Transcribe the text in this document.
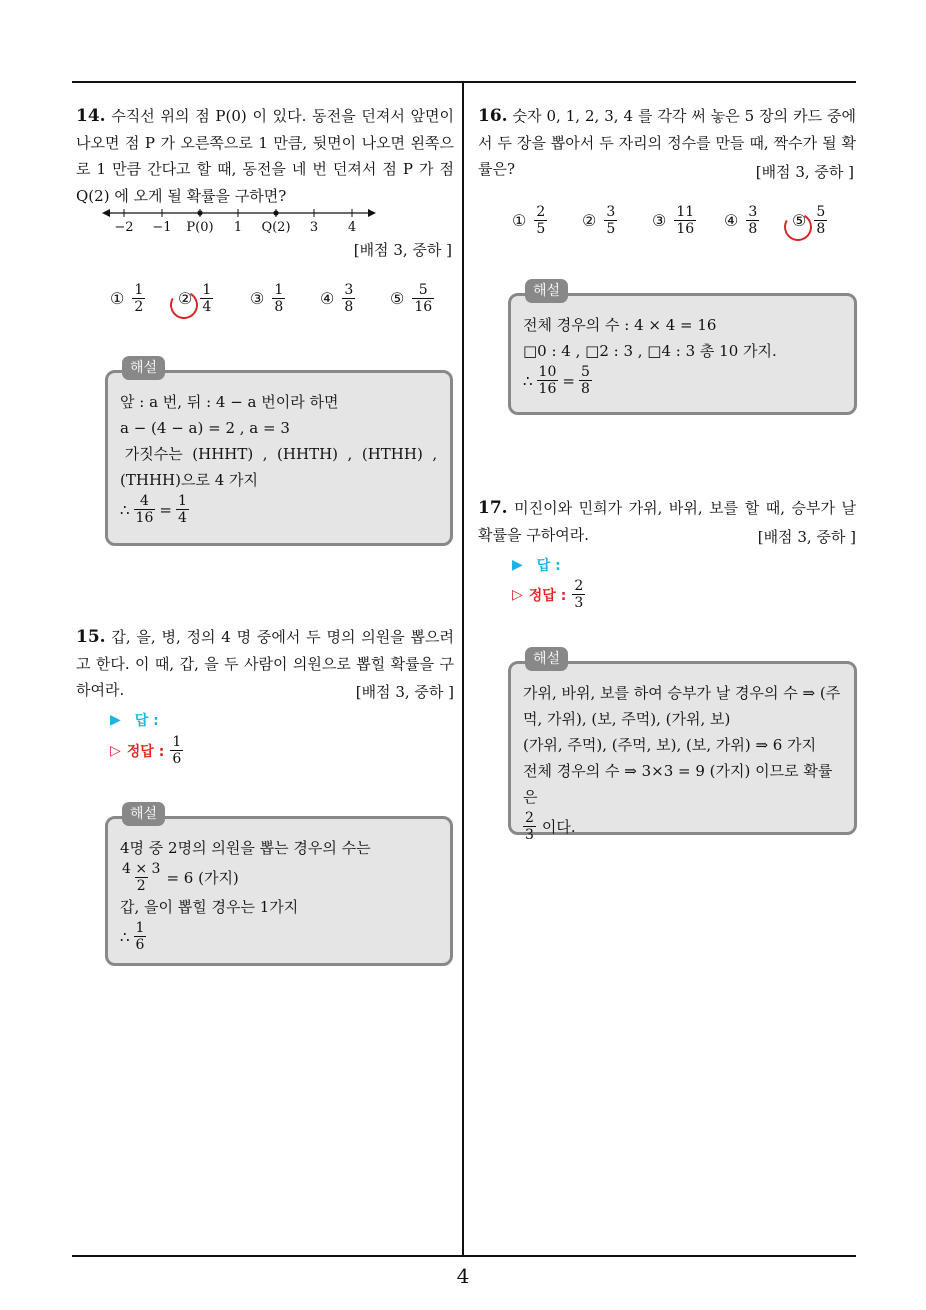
14. 수직선 위의 점 P(0) 이 있다. 동전을 던져서 앞면이 나오면 점 P 가 오른쪽으로 1 만큼, 뒷면이 나오면 왼쪽으로 1 만큼 간다고 할 때, 동전을 네 번 던져서 점 P 가 점 Q(2) 에 오게 될 확률을 구하면?
−2	−1	P(0)	1	Q(2)	3	4
[배점 3, 중하 ]
① $\frac{1}{2}$ ② $\frac{1}{4}$ ③ $\frac{1}{8}$ ④ $\frac{3}{8}$ ⑤ $\frac{5}{16}$
해설
앞 : a 번, 뒤 : 4 − a 번이라 하면
a − (4 − a) = 2 , a = 3
가짓수는  (HHHT)  ,  (HHTH)  ,  (HTHH)  ,
(THHH)으로 4 가지
∴ $\frac{4}{16} = \frac{1}{4}$
15. 갑, 을, 병, 정의 4 명 중에서 두 명의 의원을 뽑으려고 한다. 이 때, 갑, 을 두 사람이 의원으로 뽑힐 확률을 구하여라.	[배점 3, 중하 ]
▶ 답 :
▷ 정답 : $\frac{1}{6}$
해설
4명 중 2명의 의원을 뽑는 경우의 수는
$\frac{4 \times 3}{2} = 6$ (가지)
갑, 을이 뽑힐 경우는 1가지
∴ $\frac{1}{6}$
16. 숫자 0, 1, 2, 3, 4 를 각각 써 놓은 5 장의 카드 중에서 두 장을 뽑아서 두 자리의 정수를 만들 때, 짝수가 될 확률은?	[배점 3, 중하 ]
① $\frac{2}{5}$ ② $\frac{3}{5}$ ③ $\frac{11}{16}$ ④ $\frac{3}{8}$ ⑤ $\frac{5}{8}$
해설
전체 경우의 수 : 4 × 4 = 16
□0 : 4 , □2 : 3 , □4 : 3 총 10 가지.
∴ $\frac{10}{16} = \frac{5}{8}$
17. 미진이와 민희가 가위, 바위, 보를 할 때, 승부가 날 확률을 구하여라.	[배점 3, 중하 ]
▶ 답 :
▷ 정답 : $\frac{2}{3}$
해설
가위, 바위, 보를 하여 승부가 날 경우의 수 ⇒ (주
먹, 가위), (보, 주먹), (가위, 보)
(가위, 주먹), (주먹, 보), (보, 가위) ⇒ 6 가지
전체 경우의 수 ⇒ 3×3 = 9 (가지) 이므로 확률은
$\frac{2}{3}$ 이다.
4
